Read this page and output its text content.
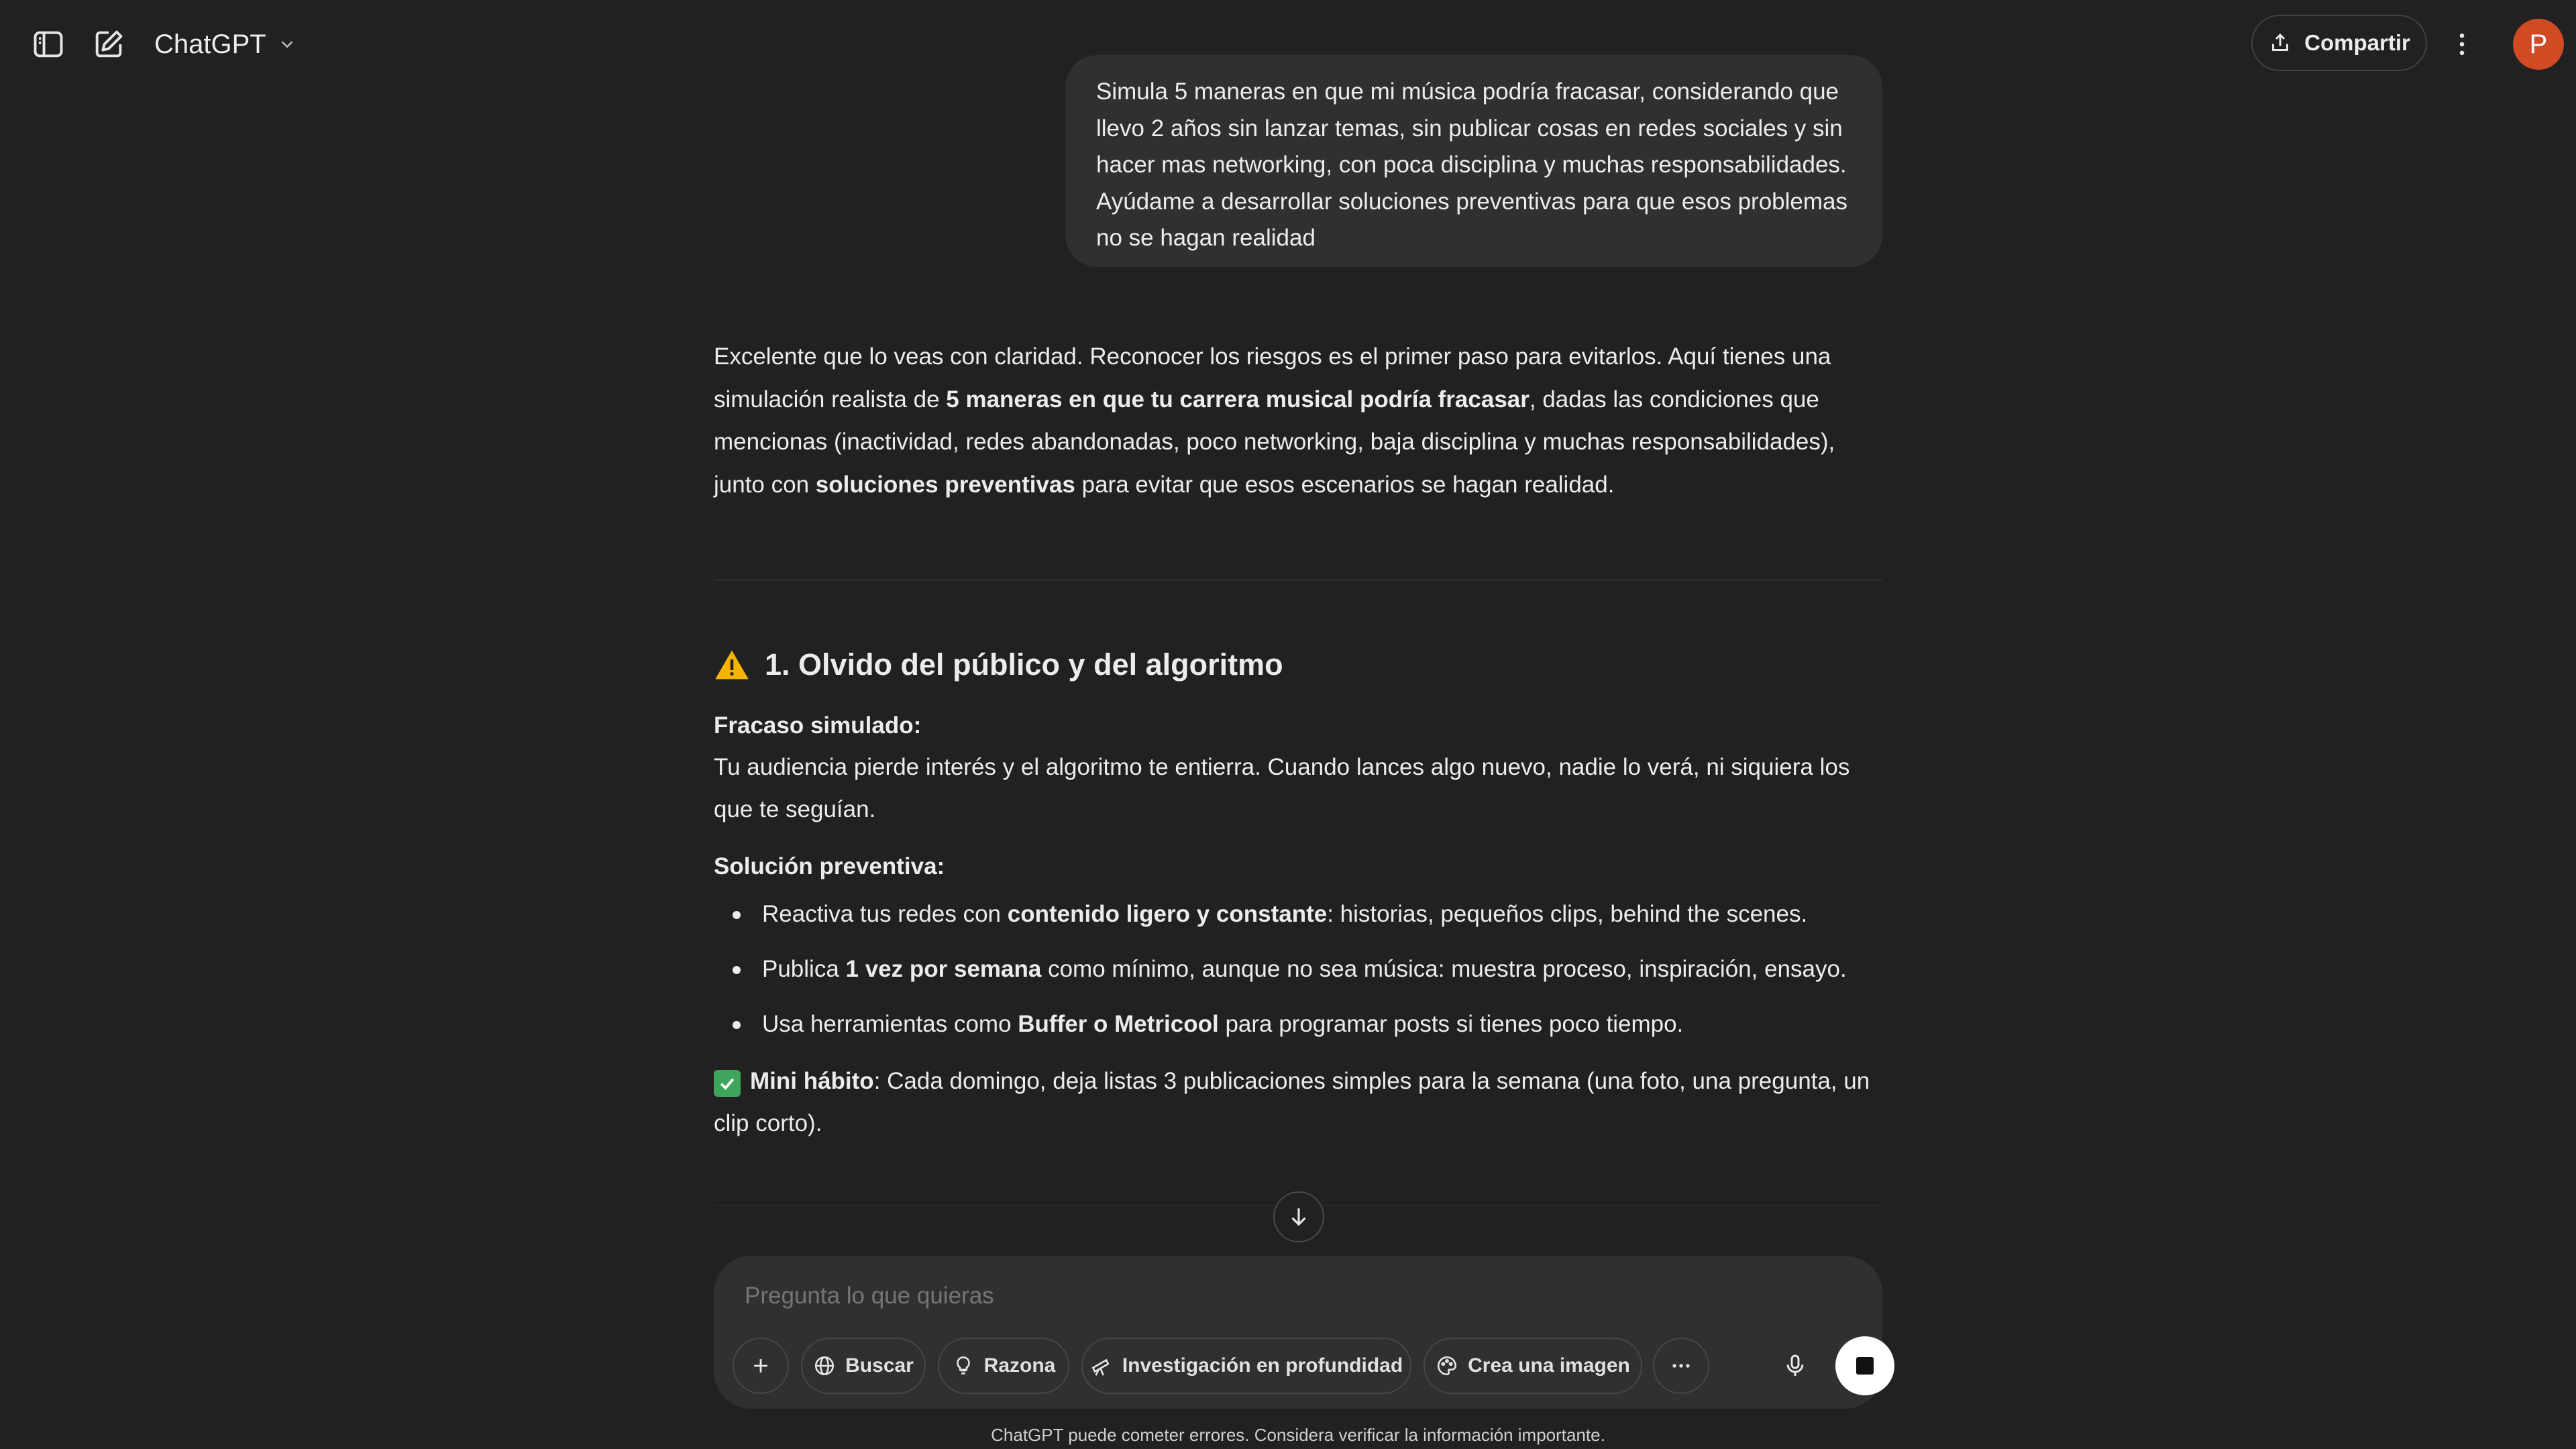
ChatGPT	Compartir	P
Simula 5 maneras en que mi música podría fracasar, considerando que llevo 2 años sin lanzar temas, sin publicar cosas en redes sociales y sin hacer mas networking, con poca disciplina y muchas responsabilidades. Ayúdame a desarrollar soluciones preventivas para que esos problemas no se hagan realidad

Excelente que lo veas con claridad. Reconocer los riesgos es el primer paso para evitarlos. Aquí tienes una simulación realista de 5 maneras en que tu carrera musical podría fracasar, dadas las condiciones que mencionas (inactividad, redes abandonadas, poco networking, baja disciplina y muchas responsabilidades), junto con soluciones preventivas para evitar que esos escenarios se hagan realidad.

1. Olvido del público y del algoritmo

Fracaso simulado:

Tu audiencia pierde interés y el algoritmo te entierra. Cuando lances algo nuevo, nadie lo verá, ni siquiera los que te seguían.

Solución preventiva:

Reactiva tus redes con contenido ligero y constante: historias, pequeños clips, behind the scenes.
Publica 1 vez por semana como mínimo, aunque no sea música: muestra proceso, inspiración, ensayo.
Usa herramientas como Buffer o Metricool para programar posts si tienes poco tiempo.

Mini hábito: Cada domingo, deja listas 3 publicaciones simples para la semana (una foto, una pregunta, un clip corto).

Pregunta lo que quieras
Buscar	Razona	Investigación en profundidad	Crea una imagen
ChatGPT puede cometer errores. Considera verificar la información importante.
